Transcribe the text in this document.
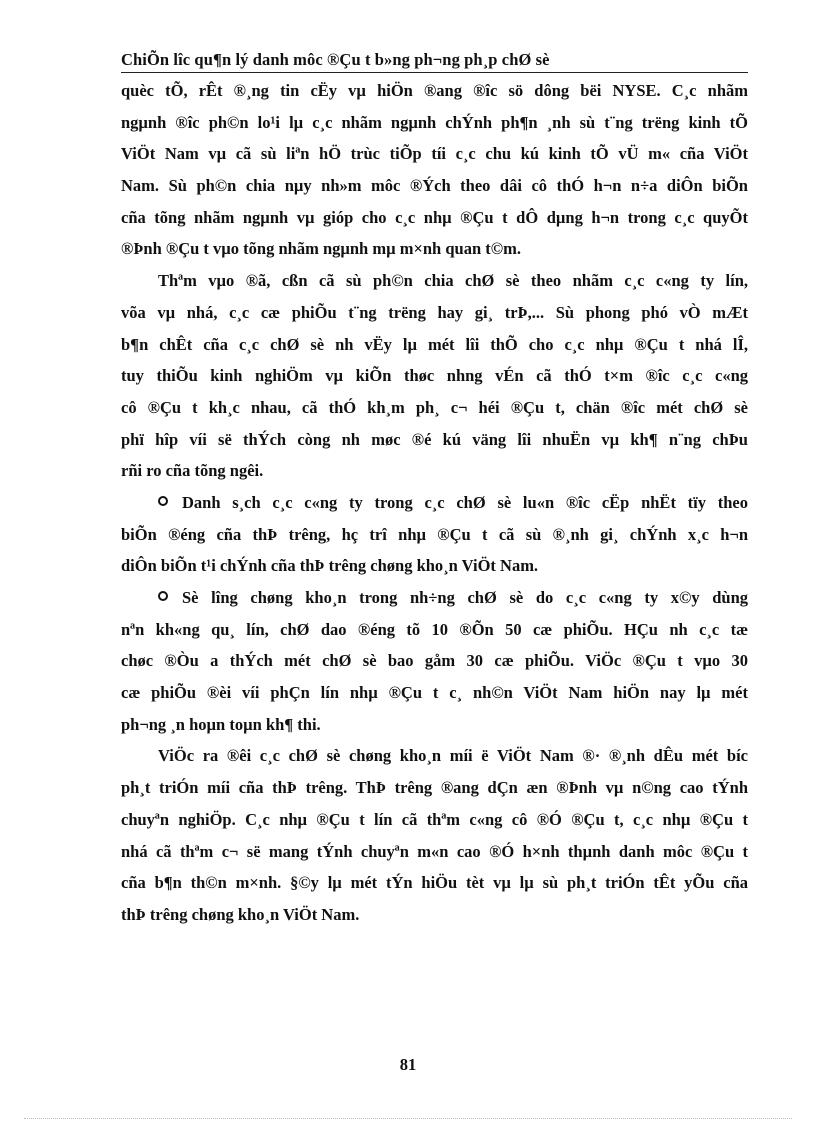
ChiÕn lîc qu¶n lý danh môc ®Çu t b»ng ph¬ng ph¸p chØ sè
quèc tÕ, rÊt ®¸ng tin cËy vµ hiÖn ®ang ®îc sö dông bëi NYSE. C¸c nhãm
ngµnh ®îc ph©n lo¹i lµ c¸c nhãm ngµnh chÝnh ph¶n ¸nh sù t¨ng trëng kinh tÕ
ViÖt Nam vµ cã sù liªn hÖ trùc tiÕp tíi c¸c chu kú kinh tÕ vÜ m« cña ViÖt
Nam. Sù ph©n chia nµy nh»m môc ®Ých theo dâi cô thÓ h¬n n÷a diÔn biÕn
cña tõng nhãm ngµnh vµ gióp cho c¸c nhµ ®Çu t dÔ dµng h¬n trong c¸c quyÕt
®Þnh ®Çu t vµo tõng nhãm ngµnh mµ m×nh quan t©m.
Thªm vµo ®ã, cßn cã sù ph©n chia chØ sè theo nhãm c¸c c«ng ty lín,
võa vµ nhá, c¸c cæ phiÕu t¨ng trëng hay gi¸ trÞ,... Sù phong phó vÒ mÆt
b¶n chÊt cña c¸c chØ sè nh vËy lµ mét lîi thÕ cho c¸c nhµ ®Çu t nhá lÎ,
tuy thiÕu kinh nghiÖm vµ kiÕn thøc nhng vÉn cã thÓ t×m ®îc c¸c c«ng
cô ®Çu t kh¸c nhau, cã thÓ kh¸m ph¸ c¬ héi ®Çu t, chän ®îc mét chØ sè
phï hîp víi së thÝch còng nh møc ®é kú väng lîi nhuËn vµ kh¶ n¨ng chÞu
rñi ro cña tõng ngêi.
Danh s¸ch c¸c c«ng ty trong c¸c chØ sè lu«n ®îc cËp nhËt tïy theo
biÕn ®éng cña thÞ trêng, hç trî nhµ ®Çu t cã sù ®¸nh gi¸ chÝnh x¸c h¬n
diÔn biÕn t¹i chÝnh cña thÞ trêng chøng kho¸n ViÖt Nam.
Sè lîng chøng kho¸n trong nh÷ng chØ sè do c¸c c«ng ty x©y dùng
nªn kh«ng qu¸ lín, chØ dao ®éng tõ 10 ®Õn 50 cæ phiÕu. HÇu nh c¸c tæ
chøc ®Òu a thÝch mét chØ sè bao gåm 30 cæ phiÕu. ViÖc ®Çu t vµo 30
cæ phiÕu ®èi víi phÇn lín nhµ ®Çu t c¸ nh©n ViÖt Nam hiÖn nay lµ mét
ph¬ng ¸n hoµn toµn kh¶ thi.
ViÖc ra ®êi c¸c chØ sè chøng kho¸n míi ë ViÖt Nam ®· ®¸nh dÊu mét bíc
ph¸t triÓn míi cña thÞ trêng. ThÞ trêng ®ang dÇn æn ®Þnh vµ n©ng cao tÝnh
chuyªn nghiÖp. C¸c nhµ ®Çu t lín cã thªm c«ng cô ®Ó ®Çu t, c¸c nhµ ®Çu t
nhá cã thªm c¬ së mang tÝnh chuyªn m«n cao ®Ó h×nh thµnh danh môc ®Çu t
cña b¶n th©n m×nh. §©y lµ mét tÝn hiÖu tèt vµ lµ sù ph¸t triÓn tÊt yÕu cña
thÞ trêng chøng kho¸n ViÖt Nam.
81
